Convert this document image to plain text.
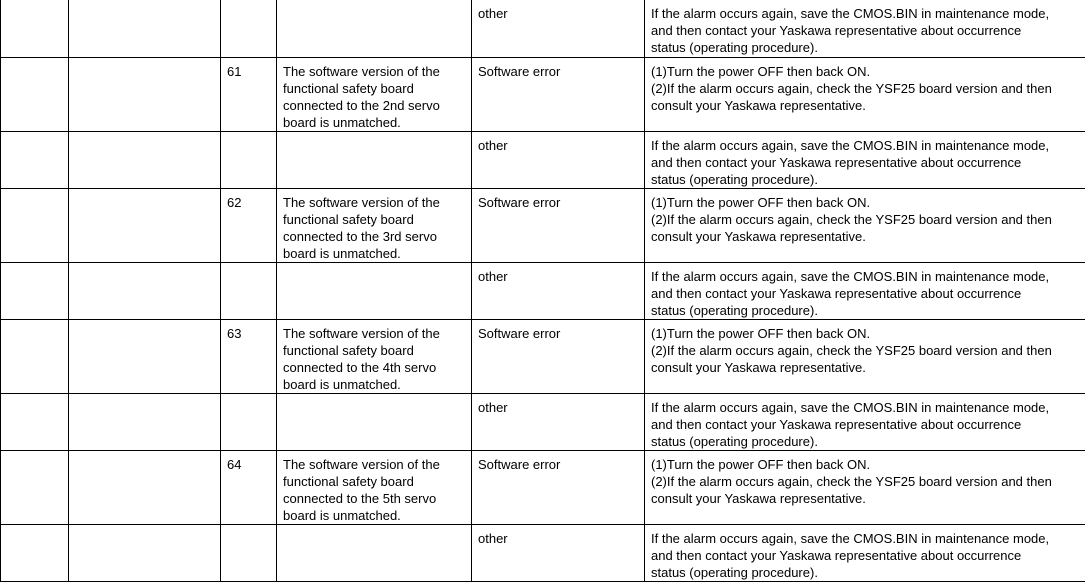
				other	If the alarm occurs again, save the CMOS.BIN in maintenance mode,
and then contact your Yaskawa representative about occurrence
status (operating procedure).
		61	The software version of the
functional safety board
connected to the 2nd servo
board is unmatched.	Software error	(1)Turn the power OFF then back ON.
(2)If the alarm occurs again, check the YSF25 board version and then
consult your Yaskawa representative.
				other	If the alarm occurs again, save the CMOS.BIN in maintenance mode,
and then contact your Yaskawa representative about occurrence
status (operating procedure).
		62	The software version of the
functional safety board
connected to the 3rd servo
board is unmatched.	Software error	(1)Turn the power OFF then back ON.
(2)If the alarm occurs again, check the YSF25 board version and then
consult your Yaskawa representative.
				other	If the alarm occurs again, save the CMOS.BIN in maintenance mode,
and then contact your Yaskawa representative about occurrence
status (operating procedure).
		63	The software version of the
functional safety board
connected to the 4th servo
board is unmatched.	Software error	(1)Turn the power OFF then back ON.
(2)If the alarm occurs again, check the YSF25 board version and then
consult your Yaskawa representative.
				other	If the alarm occurs again, save the CMOS.BIN in maintenance mode,
and then contact your Yaskawa representative about occurrence
status (operating procedure).
		64	The software version of the
functional safety board
connected to the 5th servo
board is unmatched.	Software error	(1)Turn the power OFF then back ON.
(2)If the alarm occurs again, check the YSF25 board version and then
consult your Yaskawa representative.
				other	If the alarm occurs again, save the CMOS.BIN in maintenance mode,
and then contact your Yaskawa representative about occurrence
status (operating procedure).
